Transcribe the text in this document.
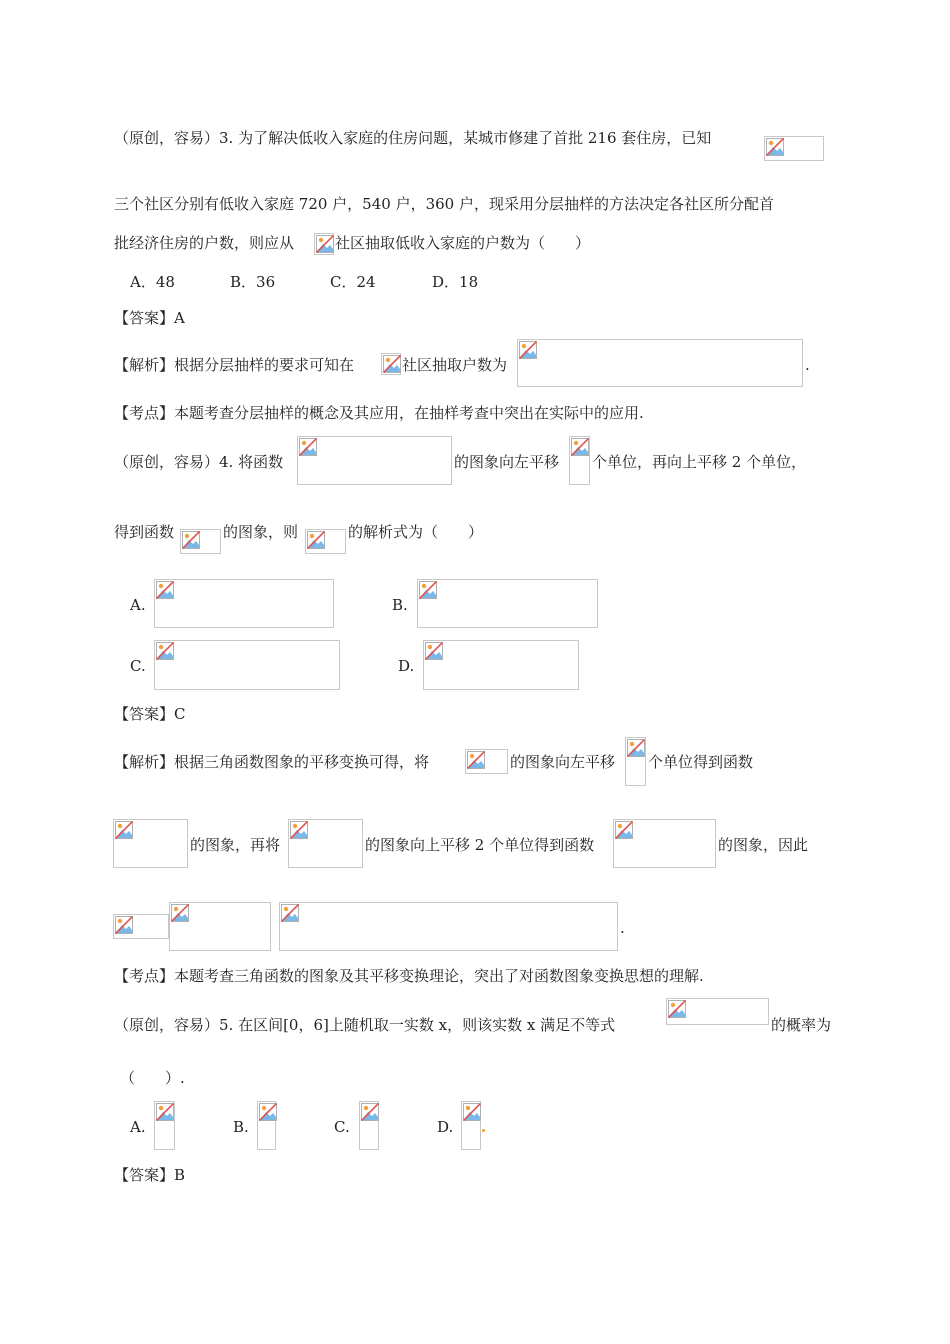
（原创，容易）3. 为了解决低收入家庭的住房问题，某城市修建了首批 216 套住房，已知
三个社区分别有低收入家庭 720 户，540 户，360 户，现采用分层抽样的方法决定各社区所分配首
批经济住房的户数，则应从	社区抽取低收入家庭的户数为（　　）
A．48	B．36	C．24	D．18
【答案】A
【解析】根据分层抽样的要求可知在	社区抽取户数为	.
【考点】本题考查分层抽样的概念及其应用，在抽样考查中突出在实际中的应用.
（原创，容易）4. 将函数	的图象向左平移 个单位，再向上平移 2 个单位，
得到函数	的图象，则	的解析式为（　　）
A.	B.
C.	D.
【答案】C
【解析】根据三角函数图象的平移变换可得，将	的图象向左平移 个单位得到函数
的图象，再将	的图象向上平移 2 个单位得到函数	的图象，因此
.
【考点】本题考查三角函数的图象及其平移变换理论，突出了对函数图象变换思想的理解.
（原创，容易）5. 在区间[0，6]上随机取一实数 x，则该实数 x 满足不等式	的概率为
（　　）.
A.	B.	C.	D.
【答案】B
